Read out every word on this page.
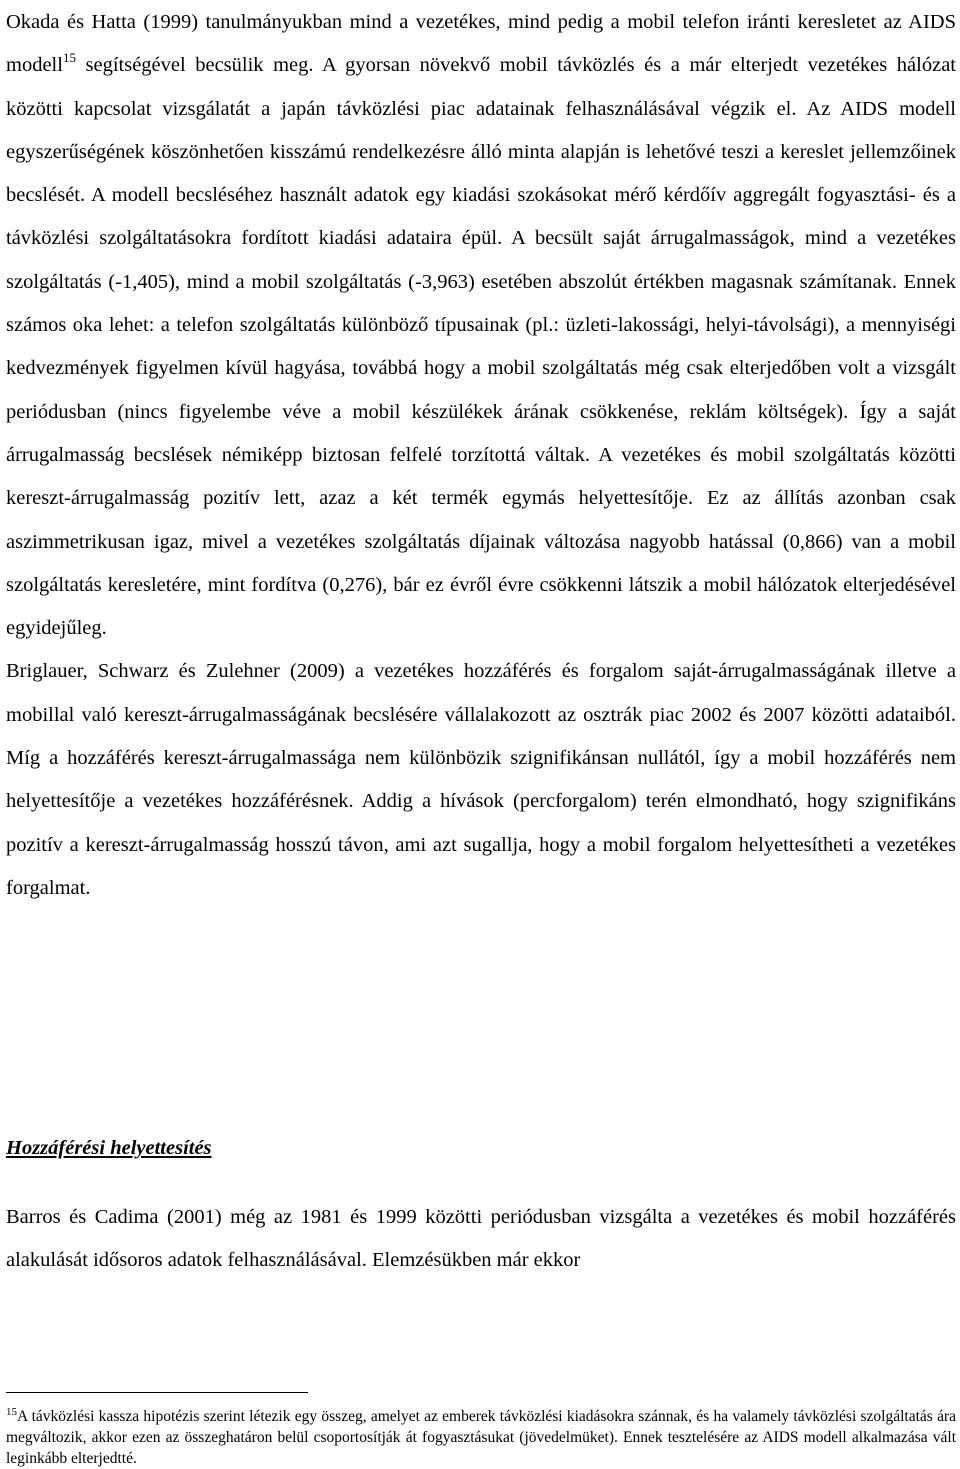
Okada és Hatta (1999) tanulmányukban mind a vezetékes, mind pedig a mobil telefon iránti keresletet az AIDS modell$^{15}$ segítségével becsülik meg. A gyorsan növekvő mobil távközlés és a már elterjedt vezetékes hálózat közötti kapcsolat vizsgálatát a japán távközlési piac adatainak felhasználásával végzik el. Az AIDS modell egyszerűségének köszönhetően kisszámú rendelkezésre álló minta alapján is lehetővé teszi a kereslet jellemzőinek becslését. A modell becsléséhez használt adatok egy kiadási szokásokat mérő kérdőív aggregált fogyasztási- és a távközlési szolgáltatásokra fordított kiadási adataira épül. A becsült saját árrugalmasságok, mind a vezetékes szolgáltatás (-1,405), mind a mobil szolgáltatás (-3,963) esetében abszolút értékben magasnak számítanak. Ennek számos oka lehet: a telefon szolgáltatás különböző típusainak (pl.: üzleti-lakossági, helyi-távolsági), a mennyiségi kedvezmények figyelmen kívül hagyása, továbbá hogy a mobil szolgáltatás még csak elterjedőben volt a vizsgált periódusban (nincs figyelembe véve a mobil készülékek árának csökkenése, reklám költségek). Így a saját árrugalmasság becslések némiképp biztosan felfelé torzítottá váltak. A vezetékes és mobil szolgáltatás közötti kereszt-árrugalmasság pozitív lett, azaz a két termék egymás helyettesítője. Ez az állítás azonban csak aszimmetrikusan igaz, mivel a vezetékes szolgáltatás díjainak változása nagyobb hatással (0,866) van a mobil szolgáltatás keresletére, mint fordítva (0,276), bár ez évről évre csökkenni látszik a mobil hálózatok elterjedésével egyidejűleg.

Briglauer, Schwarz és Zulehner (2009) a vezetékes hozzáférés és forgalom saját-árrugalmasságának illetve a mobillal való kereszt-árrugalmasságának becslésére vállalakozott az osztrák piac 2002 és 2007 közötti adataiból. Míg a hozzáférés kereszt-árrugalmassága nem különbözik szignifikánsan nullától, így a mobil hozzáférés nem helyettesítője a vezetékes hozzáférésnek. Addig a hívások (percforgalom) terén elmondható, hogy szignifikáns pozitív a kereszt-árrugalmasság hosszú távon, ami azt sugallja, hogy a mobil forgalom helyettesítheti a vezetékes forgalmat.

Hozzáférési helyettesítés

Barros és Cadima (2001) még az 1981 és 1999 közötti periódusban vizsgálta a vezetékes és mobil hozzáférés alakulását idősoros adatok felhasználásával. Elemzésükben már ekkor

$^{15}$A távközlési kassza hipotézis szerint létezik egy összeg, amelyet az emberek távközlési kiadásokra szánnak, és ha valamely távközlési szolgáltatás ára megváltozik, akkor ezen az összeghatáron belül csoportosítják át fogyasztásukat (jövedelmüket). Ennek tesztelésére az AIDS modell alkalmazása vált leginkább elterjedtté.
